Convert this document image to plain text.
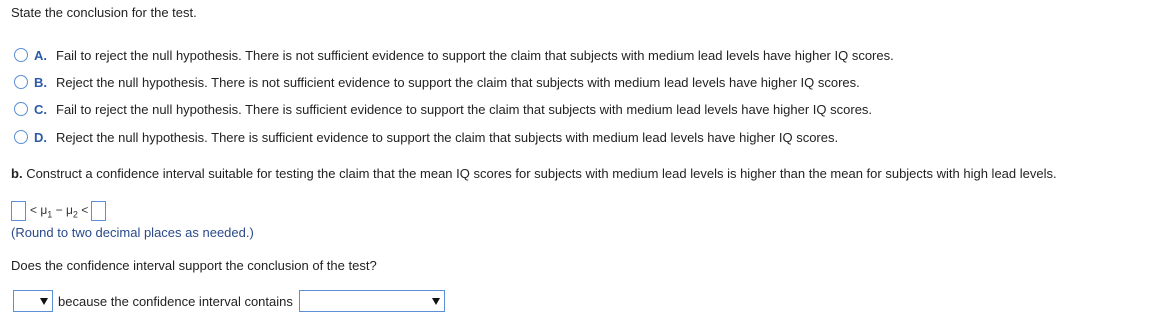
State the conclusion for the test.
A. Fail to reject the null hypothesis. There is not sufficient evidence to support the claim that subjects with medium lead levels have higher IQ scores.
B. Reject the null hypothesis. There is not sufficient evidence to support the claim that subjects with medium lead levels have higher IQ scores.
C. Fail to reject the null hypothesis. There is sufficient evidence to support the claim that subjects with medium lead levels have higher IQ scores.
D. Reject the null hypothesis. There is sufficient evidence to support the claim that subjects with medium lead levels have higher IQ scores.
b. Construct a confidence interval suitable for testing the claim that the mean IQ scores for subjects with medium lead levels is higher than the mean for subjects with high lead levels.
< $\mu_1 - \mu_2$ <
(Round to two decimal places as needed.)
Does the confidence interval support the conclusion of the test?
because the confidence interval contains
